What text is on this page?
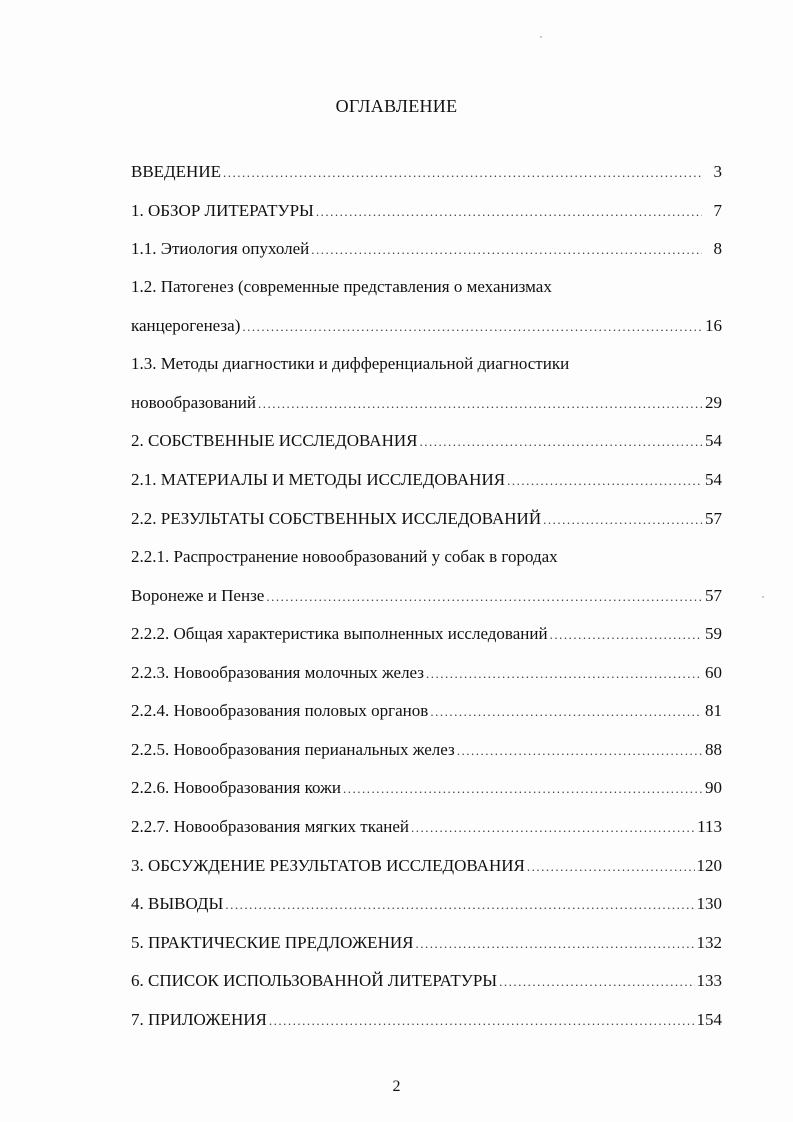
ОГЛАВЛЕНИЕ
ВВЕДЕНИЕ .....	3
1. ОБЗОР ЛИТЕРАТУРЫ .....	7
1.1. Этиология опухолей .....	8
1.2. Патогенез (современные представления о механизмах
канцерогенеза) .....	16
1.3. Методы диагностики и дифференциальной диагностики
новообразований .....	29
2. СОБСТВЕННЫЕ ИССЛЕДОВАНИЯ .....	54
2.1. МАТЕРИАЛЫ И МЕТОДЫ ИССЛЕДОВАНИЯ .....	54
2.2. РЕЗУЛЬТАТЫ СОБСТВЕННЫХ ИССЛЕДОВАНИЙ .....	57
2.2.1. Распространение новообразований у собак в городах
Воронеже и Пензе .....	57
2.2.2. Общая характеристика выполненных исследований .....	59
2.2.3. Новообразования молочных желез .....	60
2.2.4. Новообразования половых органов .....	81
2.2.5. Новообразования перианальных желез .....	88
2.2.6. Новообразования кожи .....	90
2.2.7. Новообразования мягких тканей .....	113
3. ОБСУЖДЕНИЕ РЕЗУЛЬТАТОВ ИССЛЕДОВАНИЯ .....	120
4. ВЫВОДЫ .....	130
5. ПРАКТИЧЕСКИЕ ПРЕДЛОЖЕНИЯ .....	132
6. СПИСОК ИСПОЛЬЗОВАННОЙ ЛИТЕРАТУРЫ .....	133
7. ПРИЛОЖЕНИЯ .....	154
2
